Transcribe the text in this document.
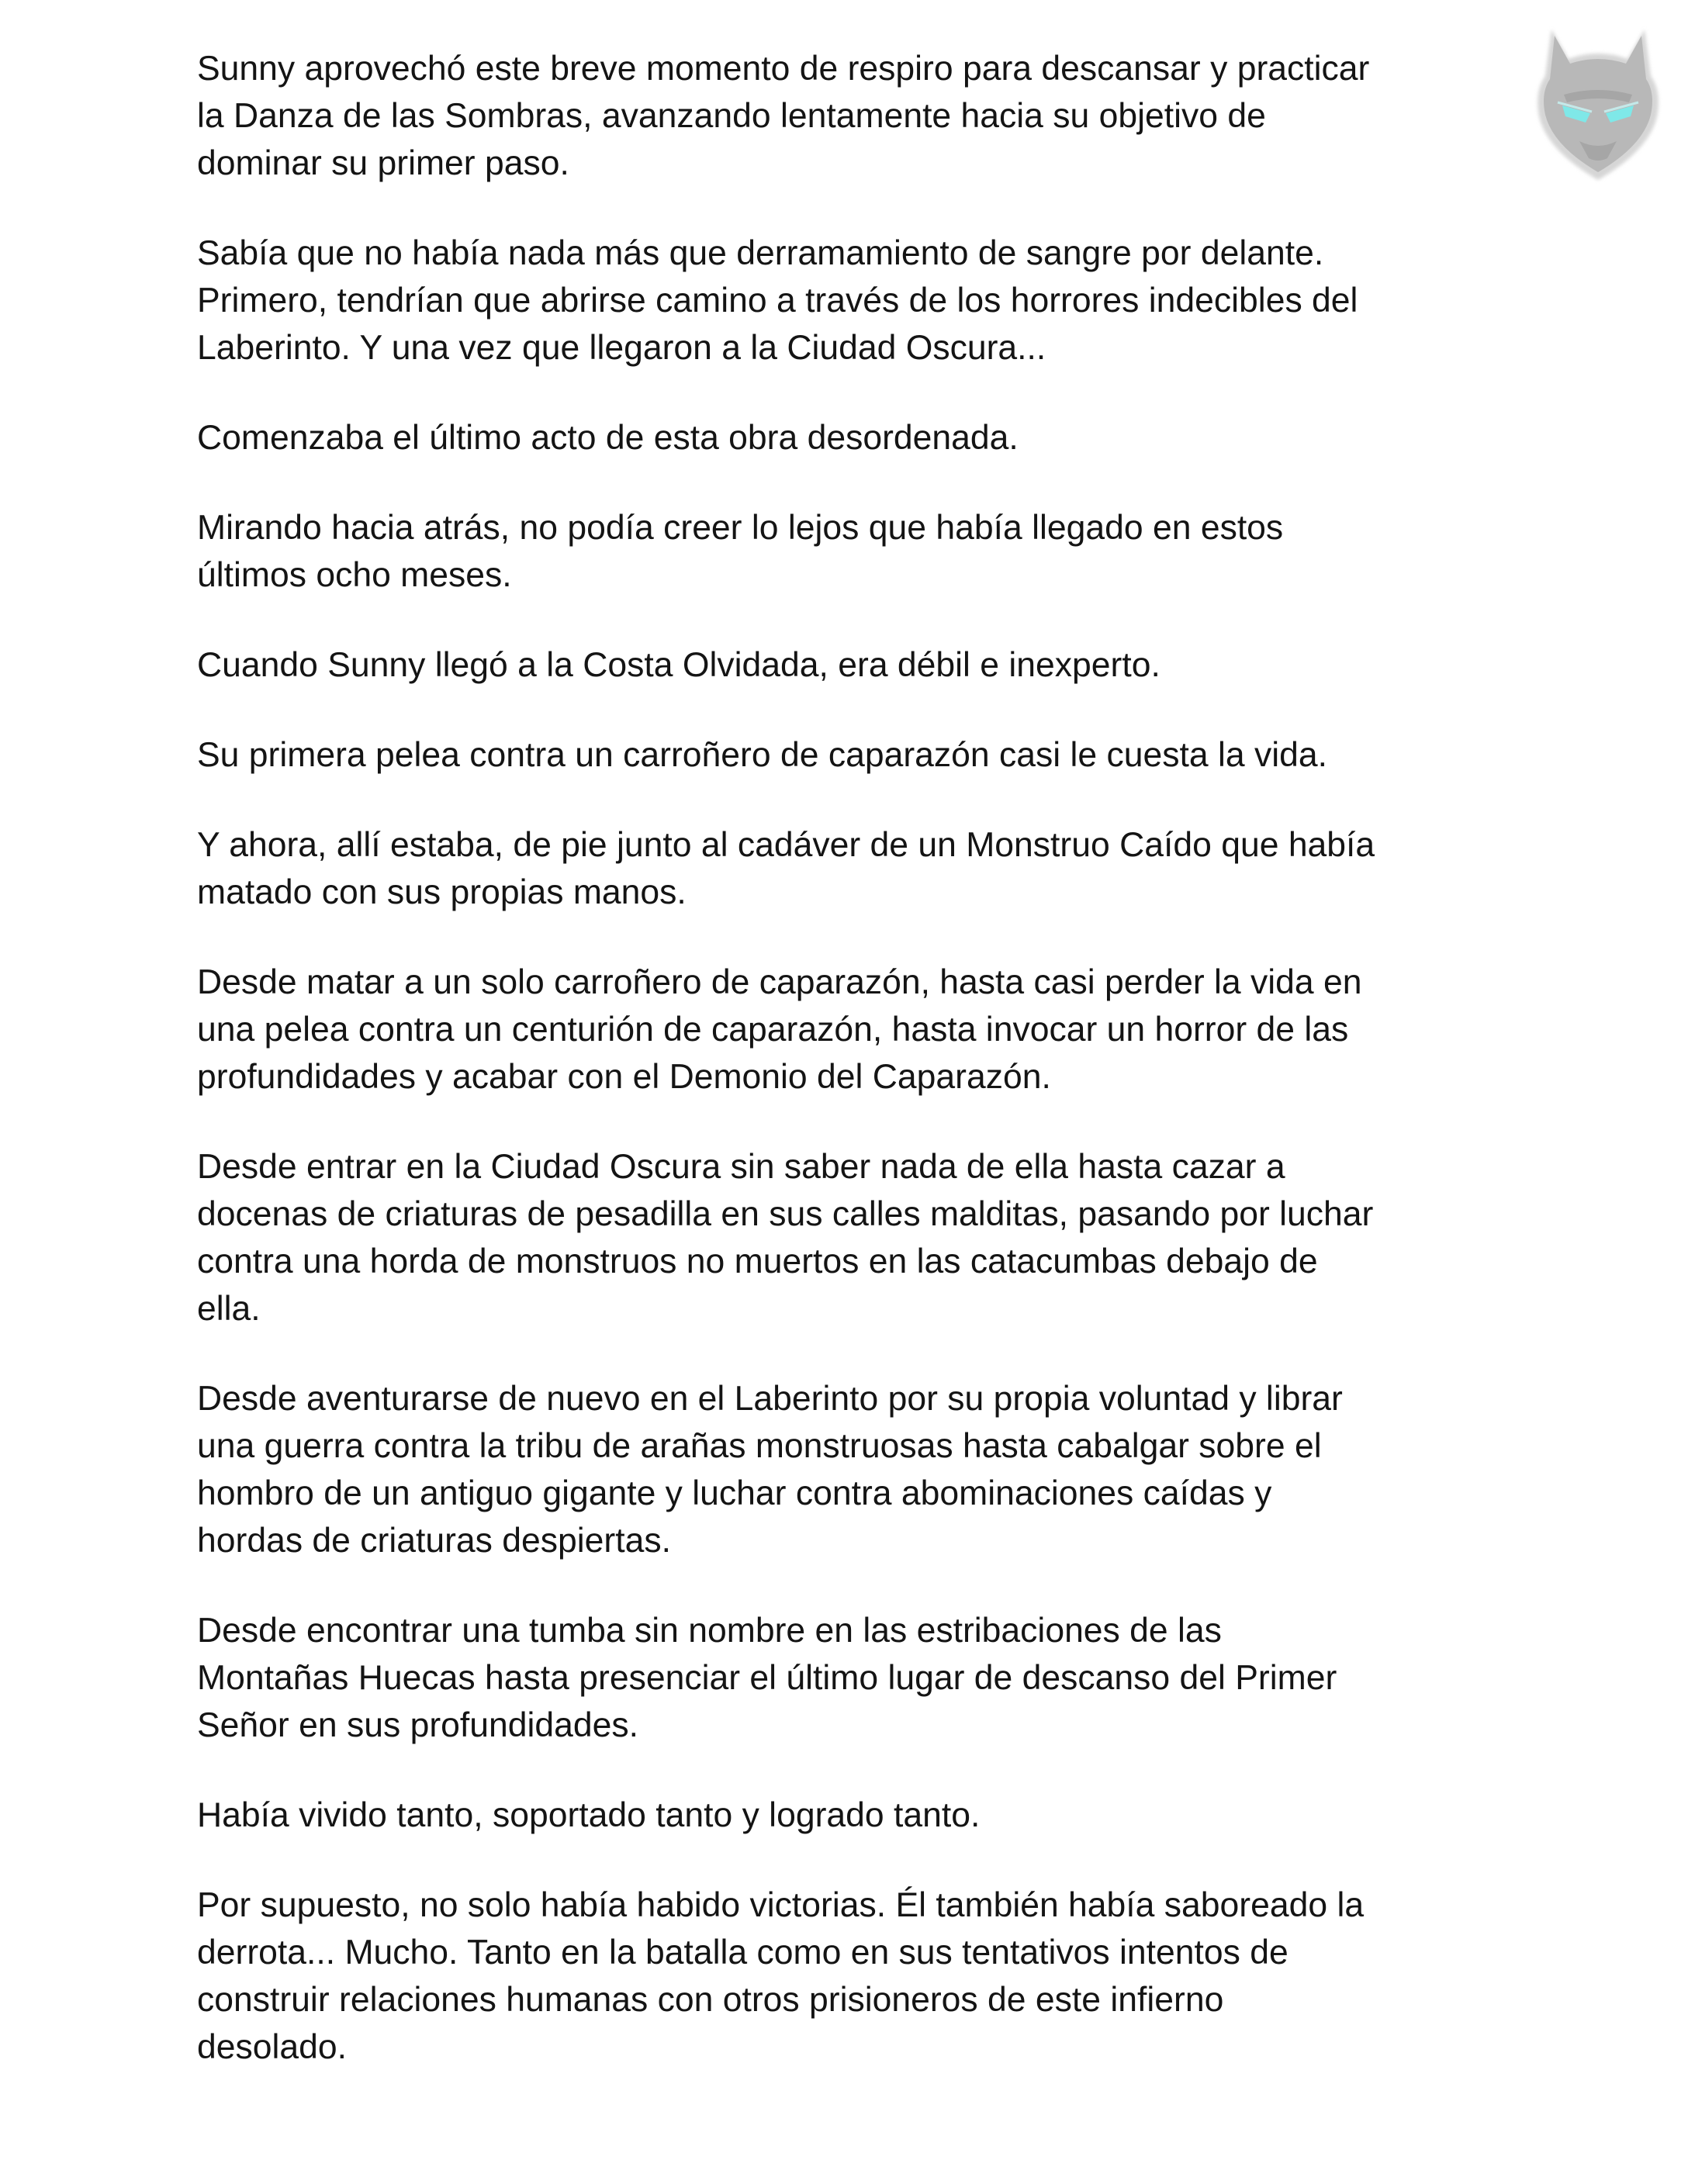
Sunny aprovechó este breve momento de respiro para descansar y practicar
la Danza de las Sombras, avanzando lentamente hacia su objetivo de
dominar su primer paso.

Sabía que no había nada más que derramamiento de sangre por delante.
Primero, tendrían que abrirse camino a través de los horrores indecibles del
Laberinto. Y una vez que llegaron a la Ciudad Oscura...

Comenzaba el último acto de esta obra desordenada.

Mirando hacia atrás, no podía creer lo lejos que había llegado en estos
últimos ocho meses.

Cuando Sunny llegó a la Costa Olvidada, era débil e inexperto.

Su primera pelea contra un carroñero de caparazón casi le cuesta la vida.

Y ahora, allí estaba, de pie junto al cadáver de un Monstruo Caído que había
matado con sus propias manos.

Desde matar a un solo carroñero de caparazón, hasta casi perder la vida en
una pelea contra un centurión de caparazón, hasta invocar un horror de las
profundidades y acabar con el Demonio del Caparazón.

Desde entrar en la Ciudad Oscura sin saber nada de ella hasta cazar a
docenas de criaturas de pesadilla en sus calles malditas, pasando por luchar
contra una horda de monstruos no muertos en las catacumbas debajo de
ella.

Desde aventurarse de nuevo en el Laberinto por su propia voluntad y librar
una guerra contra la tribu de arañas monstruosas hasta cabalgar sobre el
hombro de un antiguo gigante y luchar contra abominaciones caídas y
hordas de criaturas despiertas.

Desde encontrar una tumba sin nombre en las estribaciones de las
Montañas Huecas hasta presenciar el último lugar de descanso del Primer
Señor en sus profundidades.

Había vivido tanto, soportado tanto y logrado tanto.

Por supuesto, no solo había habido victorias. Él también había saboreado la
derrota... Mucho. Tanto en la batalla como en sus tentativos intentos de
construir relaciones humanas con otros prisioneros de este infierno
desolado.
